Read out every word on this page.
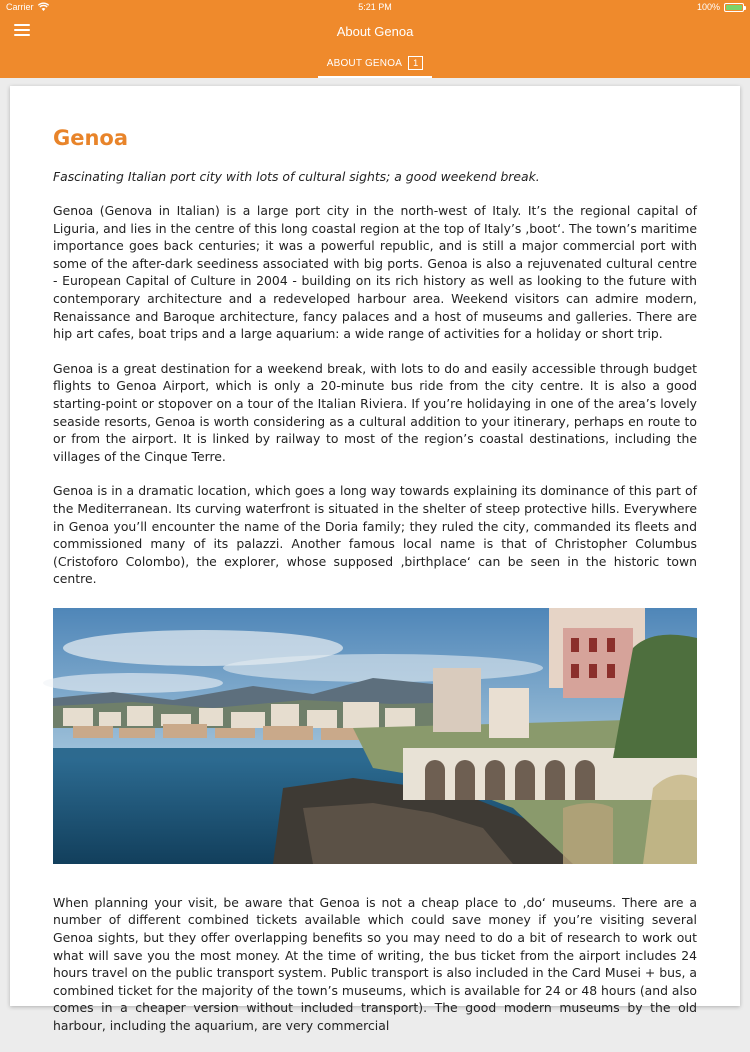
Carrier	5:21 PM	100%
About Genoa
ABOUT GENOA	1
Genoa
Fascinating Italian port city with lots of cultural sights; a good weekend break.

Genoa (Genova in Italian) is a large port city in the north-west of Italy. It’s the regional capital of Liguria, and lies in the centre of this long coastal region at the top of Italy’s ‚boot‘. The town’s maritime importance goes back centuries; it was a powerful republic, and is still a major commercial port with some of the after-dark seediness associated with big ports. Genoa is also a rejuvenated cultural centre - European Capital of Culture in 2004 - building on its rich history as well as looking to the future with contemporary architecture and a redeveloped harbour area. Weekend visitors can admire modern, Renaissance and Baroque architecture, fancy palaces and a host of museums and galleries. There are hip art cafes, boat trips and a large aquarium: a wide range of activities for a holiday or short trip.

Genoa is a great destination for a weekend break, with lots to do and easily accessible through budget flights to Genoa Airport, which is only a 20-minute bus ride from the city centre. It is also a good starting-point or stopover on a tour of the Italian Riviera. If you’re holidaying in one of the area’s lovely seaside resorts, Genoa is worth considering as a cultural addition to your itinerary, perhaps en route to or from the airport. It is linked by railway to most of the region’s coastal destinations, including the villages of the Cinque Terre.

Genoa is in a dramatic location, which goes a long way towards explaining its dominance of this part of the Mediterranean. Its curving waterfront is situated in the shelter of steep protective hills. Everywhere in Genoa you’ll encounter the name of the Doria family; they ruled the city, commanded its fleets and commissioned many of its palazzi. Another famous local name is that of Christopher Columbus (Cristoforo Colombo), the explorer, whose supposed ‚birthplace‘ can be seen in the historic town centre.

When planning your visit, be aware that Genoa is not a cheap place to ‚do‘ museums. There are a number of different combined tickets available which could save money if you’re visiting several Genoa sights, but they offer overlapping benefits so you may need to do a bit of research to work out what will save you the most money. At the time of writing, the bus ticket from the airport includes 24 hours travel on the public transport system. Public transport is also included in the Card Musei + bus, a combined ticket for the majority of the town’s museums, which is available for 24 or 48 hours (and also comes in a cheaper version without included transport). The good modern museums by the old harbour, including the aquarium, are very commercial
